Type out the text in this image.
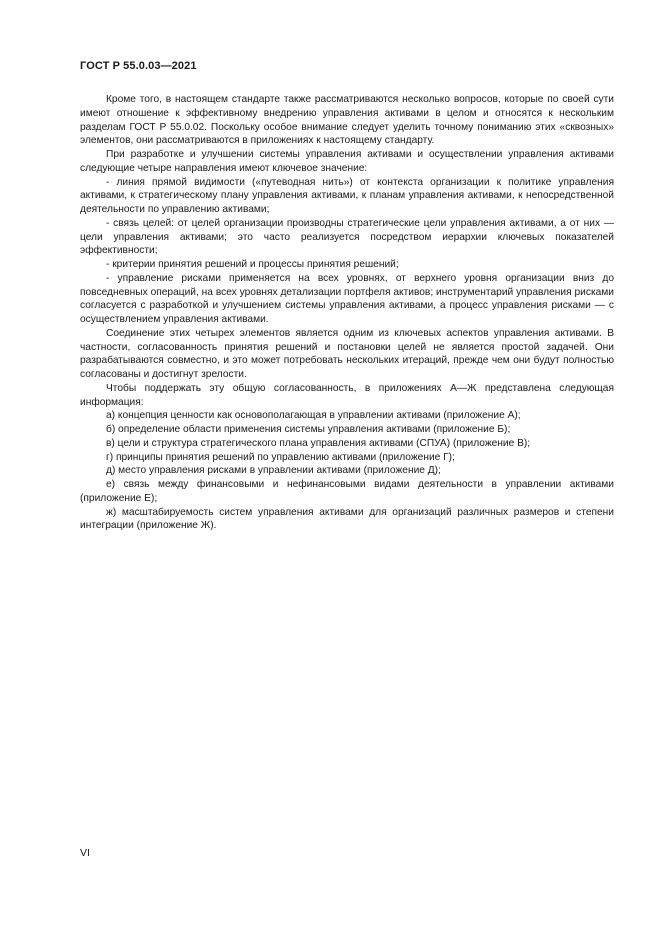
ГОСТ Р 55.0.03—2021

Кроме того, в настоящем стандарте также рассматриваются несколько вопросов, которые по своей сути имеют отношение к эффективному внедрению управления активами в целом и относятся к нескольким разделам ГОСТ Р 55.0.02. Поскольку особое внимание следует уделить точному пониманию этих «сквозных» элементов, они рассматриваются в приложениях к настоящему стандарту.

При разработке и улучшении системы управления активами и осуществлении управления активами следующие четыре направления имеют ключевое значение:

- линия прямой видимости («путеводная нить») от контекста организации к политике управления активами, к стратегическому плану управления активами, к планам управления активами, к непосредственной деятельности по управлению активами;

- связь целей: от целей организации производны стратегические цели управления активами, а от них — цели управления активами; это часто реализуется посредством иерархии ключевых показателей эффективности;

- критерии принятия решений и процессы принятия решений;

- управление рисками применяется на всех уровнях, от верхнего уровня организации вниз до повседневных операций, на всех уровнях детализации портфеля активов; инструментарий управления рисками согласуется с разработкой и улучшением системы управления активами, а процесс управления рисками — с осуществлением управления активами.

Соединение этих четырех элементов является одним из ключевых аспектов управления активами. В частности, согласованность принятия решений и постановки целей не является простой задачей. Они разрабатываются совместно, и это может потребовать нескольких итераций, прежде чем они будут полностью согласованы и достигнут зрелости.

Чтобы поддержать эту общую согласованность, в приложениях А—Ж представлена следующая информация:

а) концепция ценности как основополагающая в управлении активами (приложение А);

б) определение области применения системы управления активами (приложение Б);

в) цели и структура стратегического плана управления активами (СПУА) (приложение В);

г) принципы принятия решений по управлению активами (приложение Г);

д) место управления рисками в управлении активами (приложение Д);

е) связь между финансовыми и нефинансовыми видами деятельности в управлении активами (приложение Е);

ж) масштабируемость систем управления активами для организаций различных размеров и степени интеграции (приложение Ж).

VI
